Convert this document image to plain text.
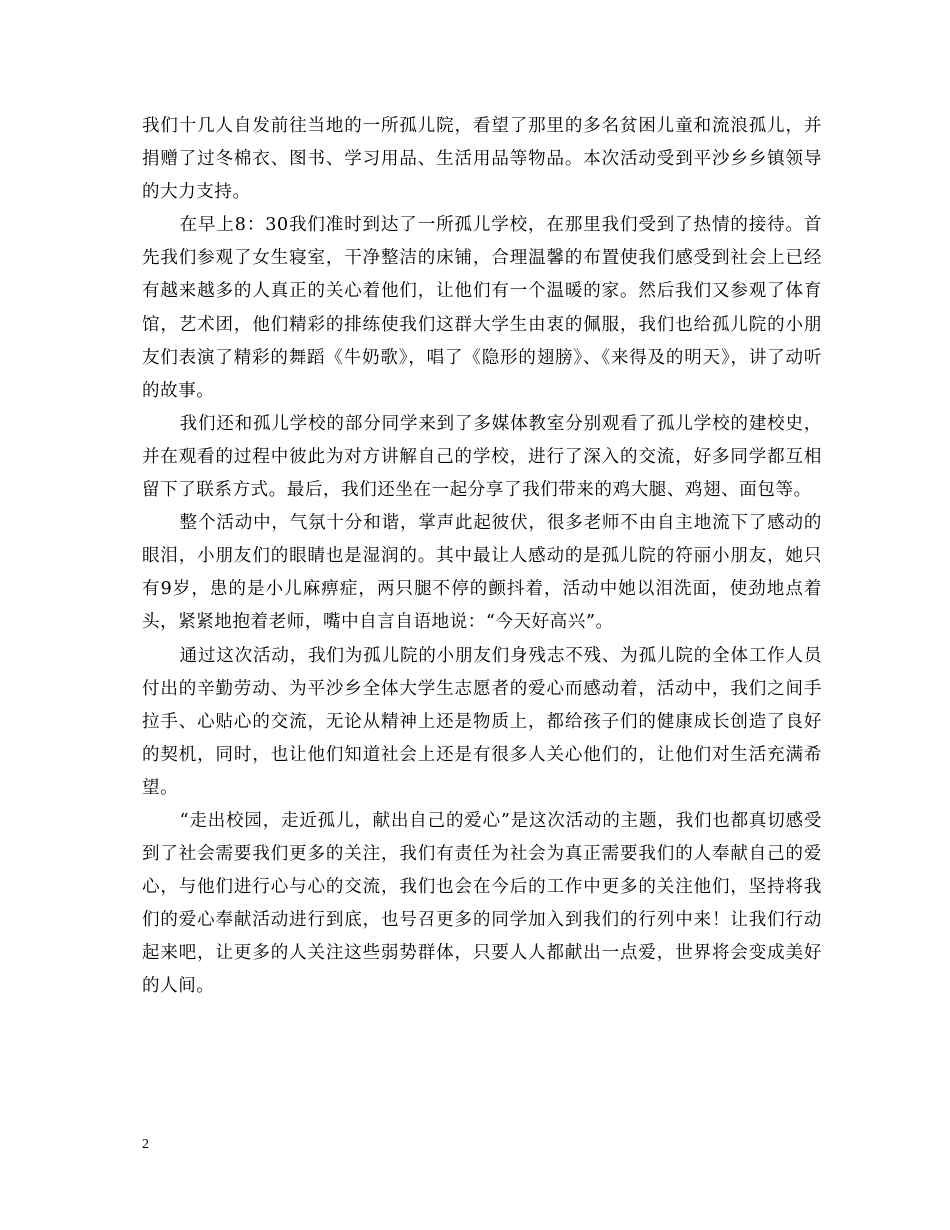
我们十几人自发前往当地的一所孤儿院，看望了那里的多名贫困儿童和流浪孤儿，并捐赠了过冬棉衣、图书、学习用品、生活用品等物品。本次活动受到平沙乡乡镇领导的大力支持。

在早上8：30我们准时到达了一所孤儿学校，在那里我们受到了热情的接待。首先我们参观了女生寝室，干净整洁的床铺，合理温馨的布置使我们感受到社会上已经有越来越多的人真正的关心着他们，让他们有一个温暖的家。然后我们又参观了体育馆，艺术团，他们精彩的排练使我们这群大学生由衷的佩服，我们也给孤儿院的小朋友们表演了精彩的舞蹈《牛奶歌》，唱了《隐形的翅膀》、《来得及的明天》，讲了动听的故事。

我们还和孤儿学校的部分同学来到了多媒体教室分别观看了孤儿学校的建校史，并在观看的过程中彼此为对方讲解自己的学校，进行了深入的交流，好多同学都互相留下了联系方式。最后，我们还坐在一起分享了我们带来的鸡大腿、鸡翅、面包等。

整个活动中，气氛十分和谐，掌声此起彼伏，很多老师不由自主地流下了感动的眼泪，小朋友们的眼睛也是湿润的。其中最让人感动的是孤儿院的符丽小朋友，她只有9岁，患的是小儿麻痹症，两只腿不停的颤抖着，活动中她以泪洗面，使劲地点着头，紧紧地抱着老师，嘴中自言自语地说：“今天好高兴”。

通过这次活动，我们为孤儿院的小朋友们身残志不残、为孤儿院的全体工作人员付出的辛勤劳动、为平沙乡全体大学生志愿者的爱心而感动着，活动中，我们之间手拉手、心贴心的交流，无论从精神上还是物质上，都给孩子们的健康成长创造了良好的契机，同时，也让他们知道社会上还是有很多人关心他们的，让他们对生活充满希望。

“走出校园，走近孤儿，献出自己的爱心”是这次活动的主题，我们也都真切感受到了社会需要我们更多的关注，我们有责任为社会为真正需要我们的人奉献自己的爱心，与他们进行心与心的交流，我们也会在今后的工作中更多的关注他们，坚持将我们的爱心奉献活动进行到底，也号召更多的同学加入到我们的行列中来！让我们行动起来吧，让更多的人关注这些弱势群体，只要人人都献出一点爱，世界将会变成美好的人间。

2
